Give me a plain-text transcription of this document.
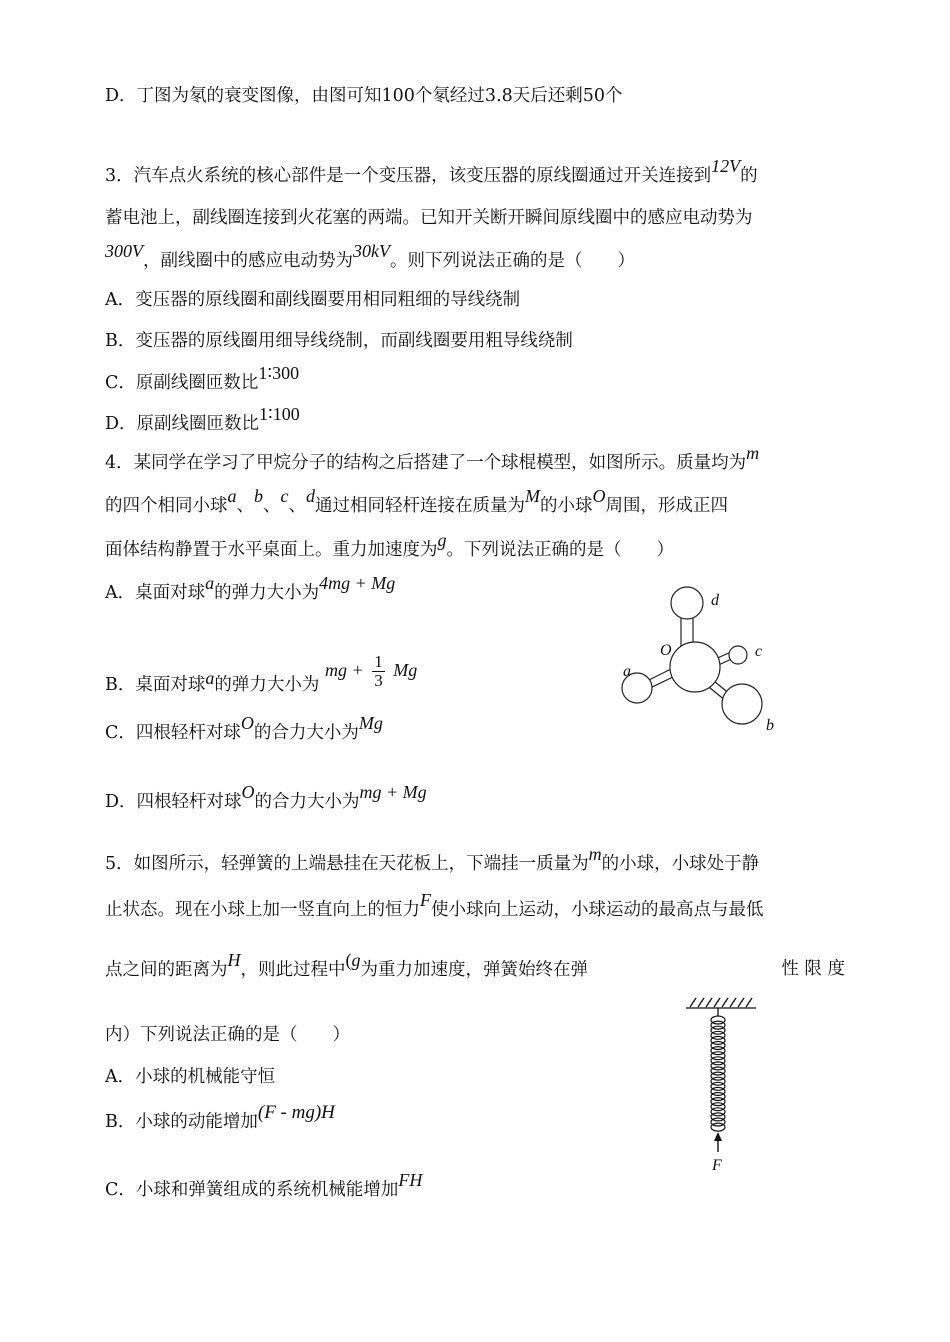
D．丁图为氡的衰变图像，由图可知100个氡经过3.8天后还剩50个
3．汽车点火系统的核心部件是一个变压器，该变压器的原线圈通过开关连接到12V的
蓄电池上，副线圈连接到火花塞的两端。已知开关断开瞬间原线圈中的感应电动势为
300V，副线圈中的感应电动势为30kV。则下列说法正确的是（　　）
A．变压器的原线圈和副线圈要用相同粗细的导线绕制
B．变压器的原线圈用细导线绕制，而副线圈要用粗导线绕制
C．原副线圈匝数比1∶300
D．原副线圈匝数比1∶100
4．某同学在学习了甲烷分子的结构之后搭建了一个球棍模型，如图所示。质量均为m
的四个相同小球a、b、c、d通过相同轻杆连接在质量为M的小球O周围，形成正四
面体结构静置于水平桌面上。重力加速度为g。下列说法正确的是（　　）
A．桌面对球a的弹力大小为4mg + Mg
B．桌面对球a的弹力大小为 mg + $\frac{1}{3}$ Mg
C．四根轻杆对球O的合力大小为Mg
D．四根轻杆对球O的合力大小为mg + Mg
d
O	c
a
b
5．如图所示，轻弹簧的上端悬挂在天花板上，下端挂一质量为m的小球，小球处于静
止状态。现在小球上加一竖直向上的恒力F使小球向上运动，小球运动的最高点与最低
点之间的距离为H，则此过程中(g为重力加速度，弹簧始终在弹	性 限 度
内）下列说法正确的是（　　）
A．小球的机械能守恒
B．小球的动能增加(F - mg)H
C．小球和弹簧组成的系统机械能增加FH
F
